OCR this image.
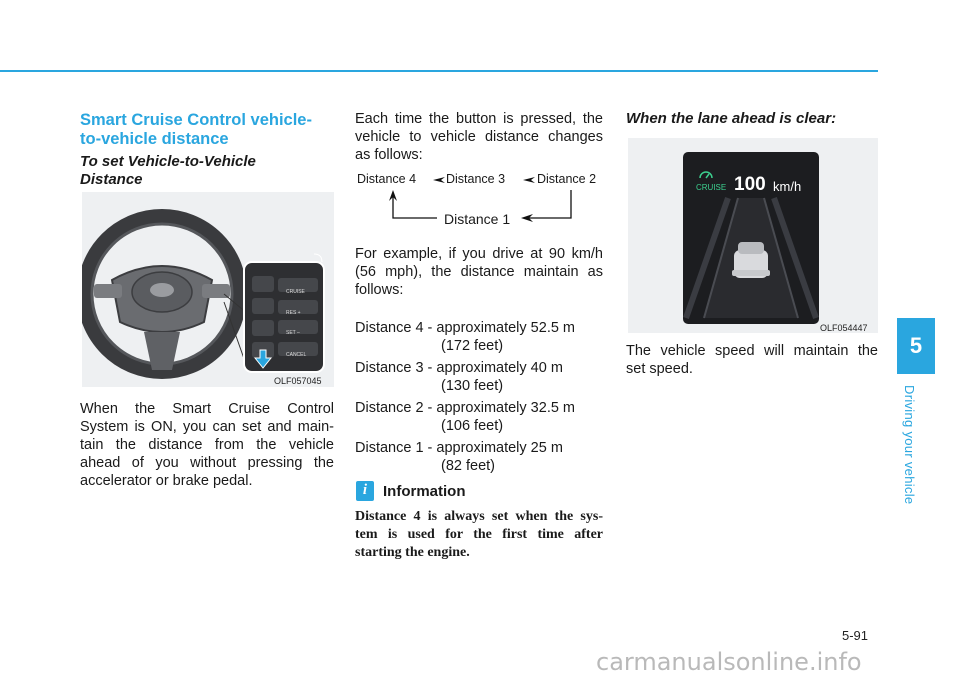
Smart Cruise Control vehicle-
to-vehicle distance
To set Vehicle-to-Vehicle
Distance
CRUISE
RES +
SET –
CANCEL
OLF057045
When the Smart Cruise Control
System is ON, you can set and main-
tain the distance from the vehicle
ahead of you without pressing the
accelerator or brake pedal.
Each time the button is pressed, the
vehicle to vehicle distance changes
as follows:
Distance 4 Distance 3	Distance 2
Distance 1
For example, if you drive at 90 km/h
(56 mph), the distance maintain as
follows:
Distance 4 - approximately 52.5 m
(172 feet)
Distance 3 - approximately 40 m
(130 feet)
Distance 2 - approximately 32.5 m
(106 feet)
Distance 1 - approximately 25 m
(82 feet)
i	Information
Distance 4 is always set when the sys-
tem is used for the first time after
starting the engine.
When the lane ahead is clear:
CRUISE 100 km/h
OLF054447
The vehicle speed will maintain the
set speed.
5
Driving your vehicle
5-91
carmanualsonline.info
